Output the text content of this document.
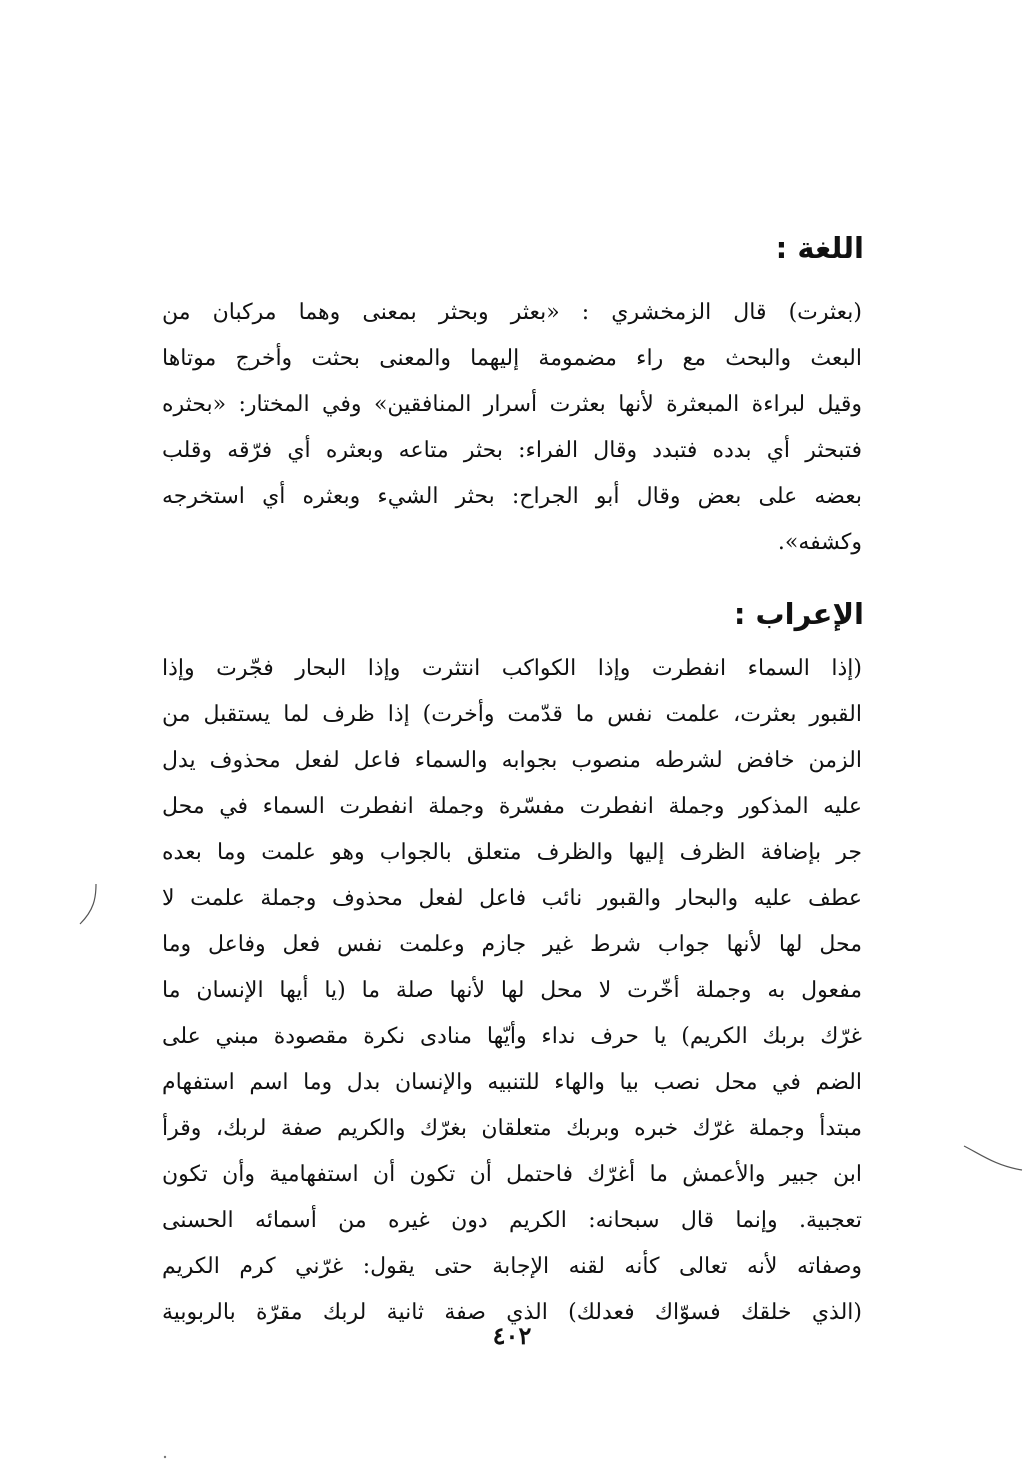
اللغة :
(بعثرت) قال الزمخشري : «بعثر وبحثر بمعنى وهما مركبان من
البعث والبحث مع راء مضمومة إليهما والمعنى بحثت وأخرج موتاها
وقيل لبراءة المبعثرة لأنها بعثرت أسرار المنافقين» وفي المختار: «بحثره
فتبحثر أي بدده فتبدد وقال الفراء: بحثر متاعه وبعثره أي فرّقه وقلب
بعضه على بعض وقال أبو الجراح: بحثر الشيء وبعثره أي استخرجه
وكشفه».
الإعراب :
(إذا السماء انفطرت وإذا الكواكب انتثرت وإذا البحار فجّرت وإذا
القبور بعثرت، علمت نفس ما قدّمت وأخرت) إذا ظرف لما يستقبل من
الزمن خافض لشرطه منصوب بجوابه والسماء فاعل لفعل محذوف يدل
عليه المذكور وجملة انفطرت مفسّرة وجملة انفطرت السماء في محل
جر بإضافة الظرف إليها والظرف متعلق بالجواب وهو علمت وما بعده
عطف عليه والبحار والقبور نائب فاعل لفعل محذوف وجملة علمت لا
محل لها لأنها جواب شرط غير جازم وعلمت نفس فعل وفاعل وما
مفعول به وجملة أخّرت لا محل لها لأنها صلة ما (يا أيها الإنسان ما
غرّك بربك الكريم) يا حرف نداء وأيّها منادى نكرة مقصودة مبني على
الضم في محل نصب بيا والهاء للتنبيه والإنسان بدل وما اسم استفهام
مبتدأ وجملة غرّك خبره وبربك متعلقان بغرّك والكريم صفة لربك، وقرأ
ابن جبير والأعمش ما أغرّك فاحتمل أن تكون أن استفهامية وأن تكون
تعجبية. وإنما قال سبحانه: الكريم دون غيره من أسمائه الحسنى
وصفاته لأنه تعالى كأنه لقنه الإجابة حتى يقول: غرّني كرم الكريم
(الذي خلقك فسوّاك فعدلك) الذي صفة ثانية لربك مقرّة بالربوبية
٤٠٢
